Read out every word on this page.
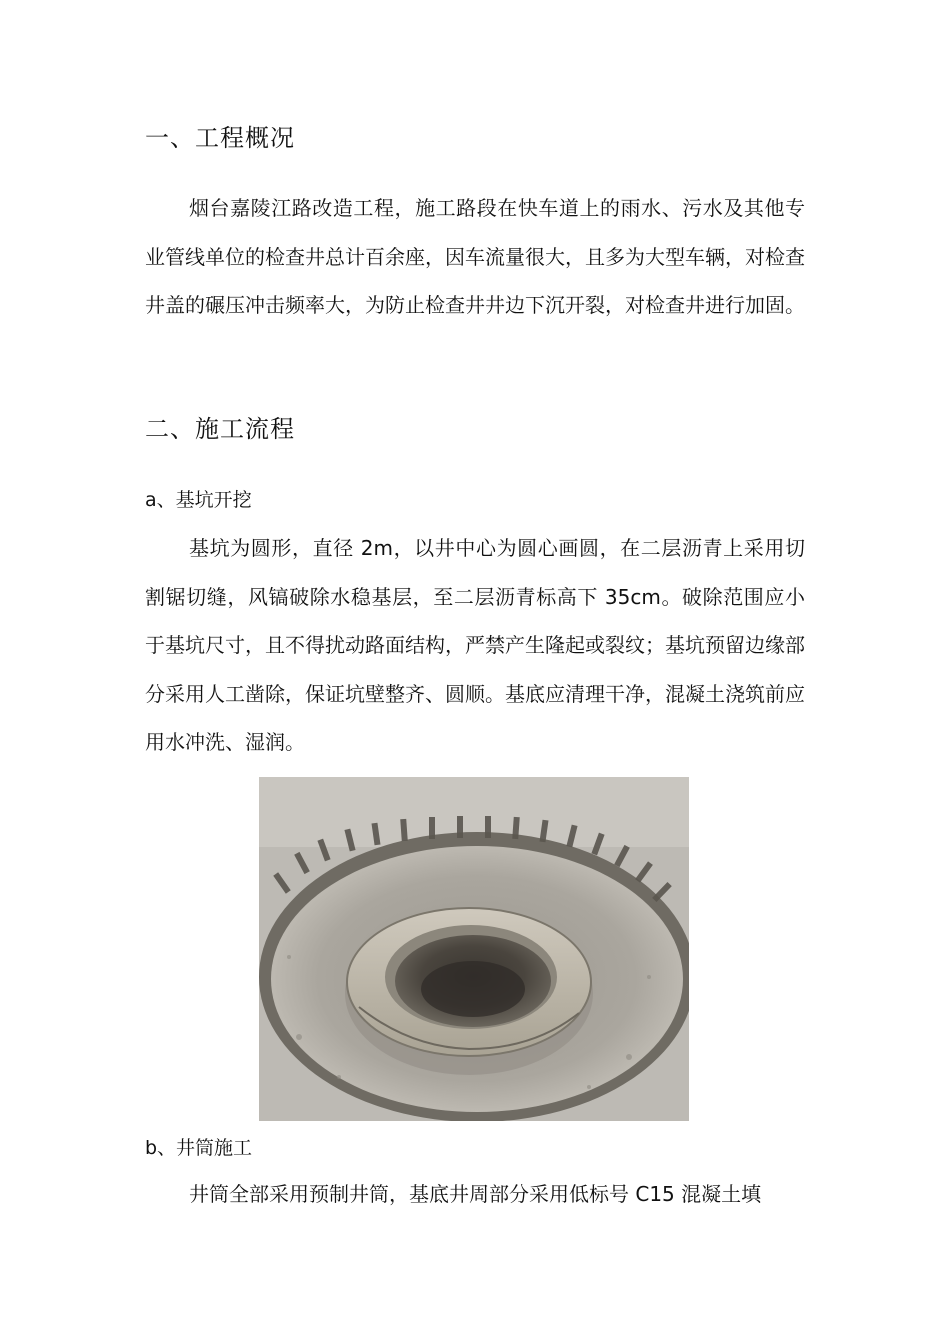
一、工程概况

烟台嘉陵江路改造工程，施工路段在快车道上的雨水、污水及其他专业管线单位的检查井总计百余座，因车流量很大，且多为大型车辆，对检查井盖的碾压冲击频率大，为防止检查井井边下沉开裂，对检查井进行加固。

二、施工流程

a、基坑开挖

基坑为圆形，直径 2m，以井中心为圆心画圆，在二层沥青上采用切割锯切缝，风镐破除水稳基层，至二层沥青标高下 35cm。破除范围应小于基坑尺寸，且不得扰动路面结构，严禁产生隆起或裂纹；基坑预留边缘部分采用人工凿除，保证坑壁整齐、圆顺。基底应清理干净，混凝土浇筑前应用水冲洗、湿润。

b、井筒施工

井筒全部采用预制井筒，基底井周部分采用低标号 C15 混凝土填
